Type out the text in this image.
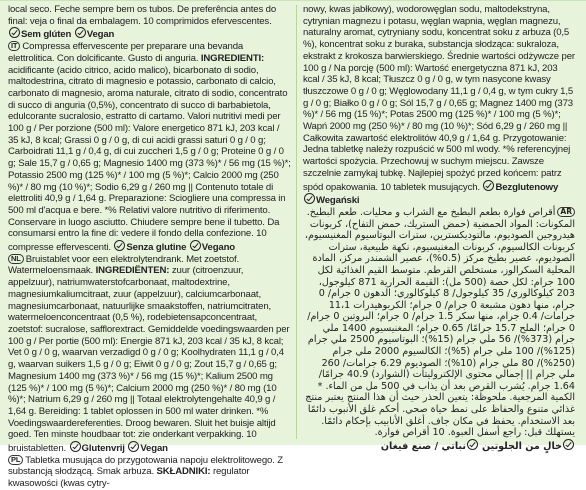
local seco. Feche sempre bem os tubos. De preferência antes do final: veja o final da embalagem. 10 comprimidos efervescentes. Sem glúten Vegan

IT Compressa effervescente per preparare una bevanda elettrolitica. Con dolcificante. Gusto di anguria. INGREDIENTI: acidificante (acido citrico, acido malico), bicarbonato di sodio, maltodestrina, citrato di magnesio e potassio, carbonato di calcio, carbonato di magnesio, aroma naturale, citrato di sodio, concentrato di succo di anguria (0,5%), concentrato di succo di barbabietola, edulcorante sucralosio, estratto di cartamo. Valori nutritivi medi per 100 g / Per porzione (500 ml): Valore energetico 871 kJ, 203 kcal / 35 kJ, 8 kcal; Grassi 0 g / 0 g, di cui acidi grassi saturi 0 g / 0 g; Carboidrati 11,1 g / 0,4 g, di cui zuccheri 1,5 g / 0 g; Proteine 0 g / 0 g; Sale 15,7 g / 0,65 g; Magnesio 1400 mg (373 %)* / 56 mg (15 %)*; Potassio 2500 mg (125 %)* / 100 mg (5 %)*; Calcio 2000 mg (250 %)* / 80 mg (10 %)*; Sodio 6,29 g / 260 mg || Contenuto totale di elettroliti 40,9 g / 1,64 g. Preparazione: Sciogliere una compressa in 500 ml d'acqua e bere. *% Relativi valore nutritivo di riferimento. Conservare in luogo asciutto. Chiudere sempre bene il tubetto. Da consumarsi entro la fine di: vedere il fondo della confezione. 10 compresse effervescenti. Senza glutine Vegano

NL Bruistablet voor een elektrolytendrank. Met zoetstof. Watermeloensmaak. INGREDIËNTEN: zuur (citroenzuur, appelzuur), natriumwaterstofcarbonaat, maltodextrine, magnesiumkaliumcitraat, zuur (appelzuur), calciumcarbonaat, magnesiumcarbonaat, natuurlijke smaakstoffen, natriumcitraten, watermeloenconcentraat (0,5 %), rodebietensapconcentraat, zoetstof: sucralose, safflorextract. Gemiddelde voedingswaarden per 100 g / Per portie (500 ml): Energie 871 kJ, 203 kcal / 35 kJ, 8 kcal; Vet 0 g / 0 g, waarvan verzadigd 0 g / 0 g; Koolhydraten 11,1 g / 0,4 g, waarvan suikers 1,5 g / 0 g; Eiwit 0 g / 0 g; Zout 15,7 g / 0,65 g; Magnesium 1400 mg (373 %)* / 56 mg (15 %)*; Kalium 2500 mg (125 %)* / 100 mg (5 %)*; Calcium 2000 mg (250 %)* / 80 mg (10 %)*; Natrium 6,29 g / 260 mg || Totaal elektrolytengehalte 40,9 g / 1,64 g. Bereiding: 1 tablet oplossen in 500 ml water drinken. *% Voedingswaardereferenties. Droog bewaren. Sluit het buisje altijd goed. Ten minste houdbaar tot: zie onderkant verpakking. 10 bruistabletten. Glutenvrij Vegan

PL Tabletka musująca do przygotowania napoju elektrolitowego. Z substancją słodzącą. Smak arbuza. SKŁADNIKI: regulator kwasowości (kwas cytry-

nowy, kwas jabłkowy), wodorowęglan sodu, maltodekstryna, cytrynian magnezu i potasu, węglan wapnia, węglan magnezu, naturalny aromat, cytryniany sodu, koncentrat soku z arbuza (0,5 %), koncentrat soku z buraka, substancja słodząca: sukraloza, ekstrakt z krokosza barwierskiego. Średnie wartości odżywcze per 100 g / Na porcję (500 ml): Wartość energetyczna 871 kJ, 203 kcal / 35 kJ, 8 kcal; Tłuszcz 0 g / 0 g, w tym nasycone kwasy tłuszczowe 0 g / 0 g; Węglowodany 11,1 g / 0,4 g, w tym cukry 1,5 g / 0 g; Białko 0 g / 0 g; Sól 15,7 g / 0,65 g; Magnez 1400 mg (373 %)* / 56 mg (15 %)*; Potas 2500 mg (125 %)* / 100 mg (5 %)*; Wapń 2000 mg (250 %)* / 80 mg (10 %)*; Sód 6,29 g / 260 mg || Całkowita zawartość elektrolitów 40,9 g / 1,64 g. Przygotowanie: Jedna tabletkę należy rozpuścić w 500 ml wody. *% referencyjnej wartości spożycia. Przechowuj w suchym miejscu. Zawsze szczelnie zamykaj tubkę. Najlepiej spożyć przed końcem: patrz spód opakowania. 10 tabletek musujących. Bezglutenowy Wegański

ARأقراص فوارة بطعم البطيخ مع الشراب و محليات. طعم البطيخ. المكونات: المواد الحمضية (حمض الستريك، حمض التفاح)، كربونات هيدروجين الصوديوم، مالتوديكسترين، سترات البوتاسيوم المغنيسيوم، كربونات الكالسيوم، كربونات المغنيسيوم، نكهة طبيعية، سترات الصوديوم، عصير بطيخ مركز (0.5%)، عصير الشمندر مركز، المادة المحلية السكرالوز، مستخلص القرطم. متوسط القيم الغذائية لكل 100 جرام: لكل حصة (500 مل): القيمة الحرارية 871 كيلوجول، 203 كيلوكالوري/ 35 كيلوجول/ 8 كيلوكالوري؛ الدهون 0 جرام/ 0 جرام، منها دهون مشبعة 0 جرام/ 0 جرام؛ الكربوهيدرات 11،1 جرامات/ 0.4 جرام، منها سكر 1.5 جرام/ 0 جرام؛ البروتين 0 جرام/ 0 جرام؛ الملح 15.7 جرامًا/ 0.65 جرام؛ المغنيسيوم 1400 ملي جرام (373%)/ 56 ملي جرام (15%)؛ البوتاسيوم 2500 ملي جرام (125%)/ 100 ملي جرام (5%)؛ الكالسيوم 2000 ملي جرام (250%)/ 80 ملي جرام (10%)؛ الصوديوم 6.29 جرامات/ 260 ملي جرام || إجمالي محتوى الإلكتروليتات (الشوارد) 40.9 جرامًا/ 1.64 جرام. يُشرب القرص بعد أن يذاب في 500 مل من الماء. * الكمية المرجعية. ملحوظة: يتعين الحذر حيث أن هذا المنتج يعتبر منتج غذائي متنوع والحفاظ على نمط حياة صحي. أحكم غلق الأنبوب دائمًا بعد الاستخدام. يحفظ في مكان جاف. أغلق الأنابيب بإحكام دائمًا. يستهلك قبل: راجع أسفل العبوة. 10 أقراص فوارة. خالٍ من الجلوتين نباتي / صنع فيغان
